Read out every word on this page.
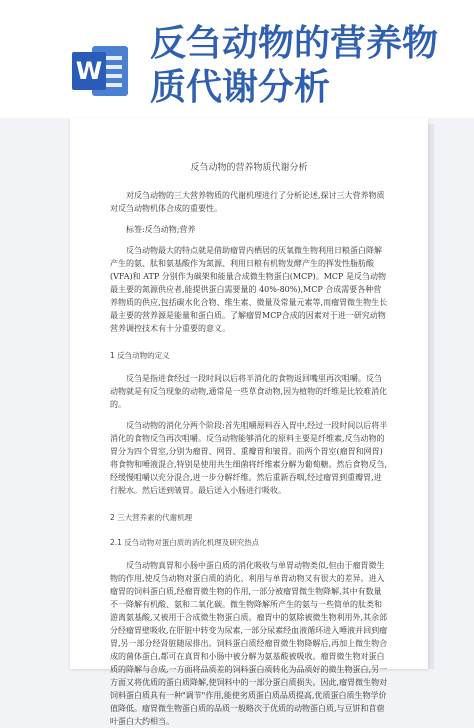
W
反刍动物的营养物质代谢分析
反刍动物的营养物质代谢分析

对反刍动物的三大营养物质的代谢机理进行了分析论述,探讨三大营养物质对反刍动物机体合成的重要性。

标签:反刍动物;营养

反刍动物最大的特点就是借助瘤胃内栖居的厌氧微生物利用日粮蛋白降解产生的氨、肽和氨基酸作为氮源、利用日粮有机物发酵产生的挥发性脂肪酸(VFA)和 ATP 分别作为碳架和能量合成微生物蛋白(MCP)。MCP 是反刍动物最主要的氮源供应者,能提供蛋白需要量的 40%-80%),MCP 合成需要各种营养物质的供应,包括碳水化合物、维生素、微量及常量元素等,而瘤胃微生物生长最主要的营养源是能量和蛋白质。了解瘤胃MCP合成的因素对于进一研究动物营养调控技术有十分重要的意义。

1 反刍动物的定义

反刍是指进食经过一段时间以后将半消化的食物返回嘴里再次咀嚼。反刍动物就是有反刍现象的动物,通常是一些草食动物,因为植物的纤维是比较难消化的。

反刍动物的消化分两个阶段:首先咀嚼原料吞入胃中,经过一段时间以后将半消化的食物反刍再次咀嚼。反刍动物能够消化的原料主要是纤维素,反刍动物的胃分为四个胃室,分别为瘤胃、网胃、重瓣胃和皱胃。前两个胃室(瘤胃和网胃)将食物和唾液混合,特别是使用共生细菌将纤维素分解为葡萄糖。然后食物反刍,经缓慢咀嚼以充分混合,进一步分解纤维。然后重新吞咽,经过瘤胃到重瓣胃,进行脱水。然后送到皱胃。最后送入小肠进行吸收。

2 三大营养素的代谢机理
2.1 反刍动物对蛋白质的消化机理及研究热点

反刍动物真胃和小肠中蛋白质的消化吸收与单胃动物类似,但由于瘤胃微生物的作用,使反刍动物对蛋白质的消化、利用与单胃动物又有很大的差异。进入瘤胃的饲料蛋白质,经瘤胃微生物的作用,一部分被瘤胃微生物降解,其中有数量不一降解有机酸、氨和二氧化碳。微生物降解所产生的氨与一些简单的肽类和游离氨基酸,又被用于合成微生物蛋白质。瘤胃中的氨除被微生物利用外,其余部分经瘤胃壁吸收,在肝脏中转变为尿素,一部分尿素经血液循环进入唾液并回到瘤胃,另一部分经肾脏随尿排出。饲料蛋白质经瘤胃微生物降解后,再加上微生物合成的菌体蛋白,都可在真胃和小肠中被分解为氨基酸被吸收。瘤胃微生物对蛋白质的降解与合成,一方面将品质差的饲料蛋白质转化为品质好的微生物蛋白,另一方面又将优质的蛋白质降解,使饲料中的一部分蛋白质损失。因此,瘤胃微生物对饲料蛋白质具有一种"调节"作用,能使劣质蛋白质品质提高,优质蛋白质生物学价值降低。瘤胃微生物蛋白质的品质一般略次于优质的动物蛋白质,与豆饼和苜蓿叶蛋白大约相当。
